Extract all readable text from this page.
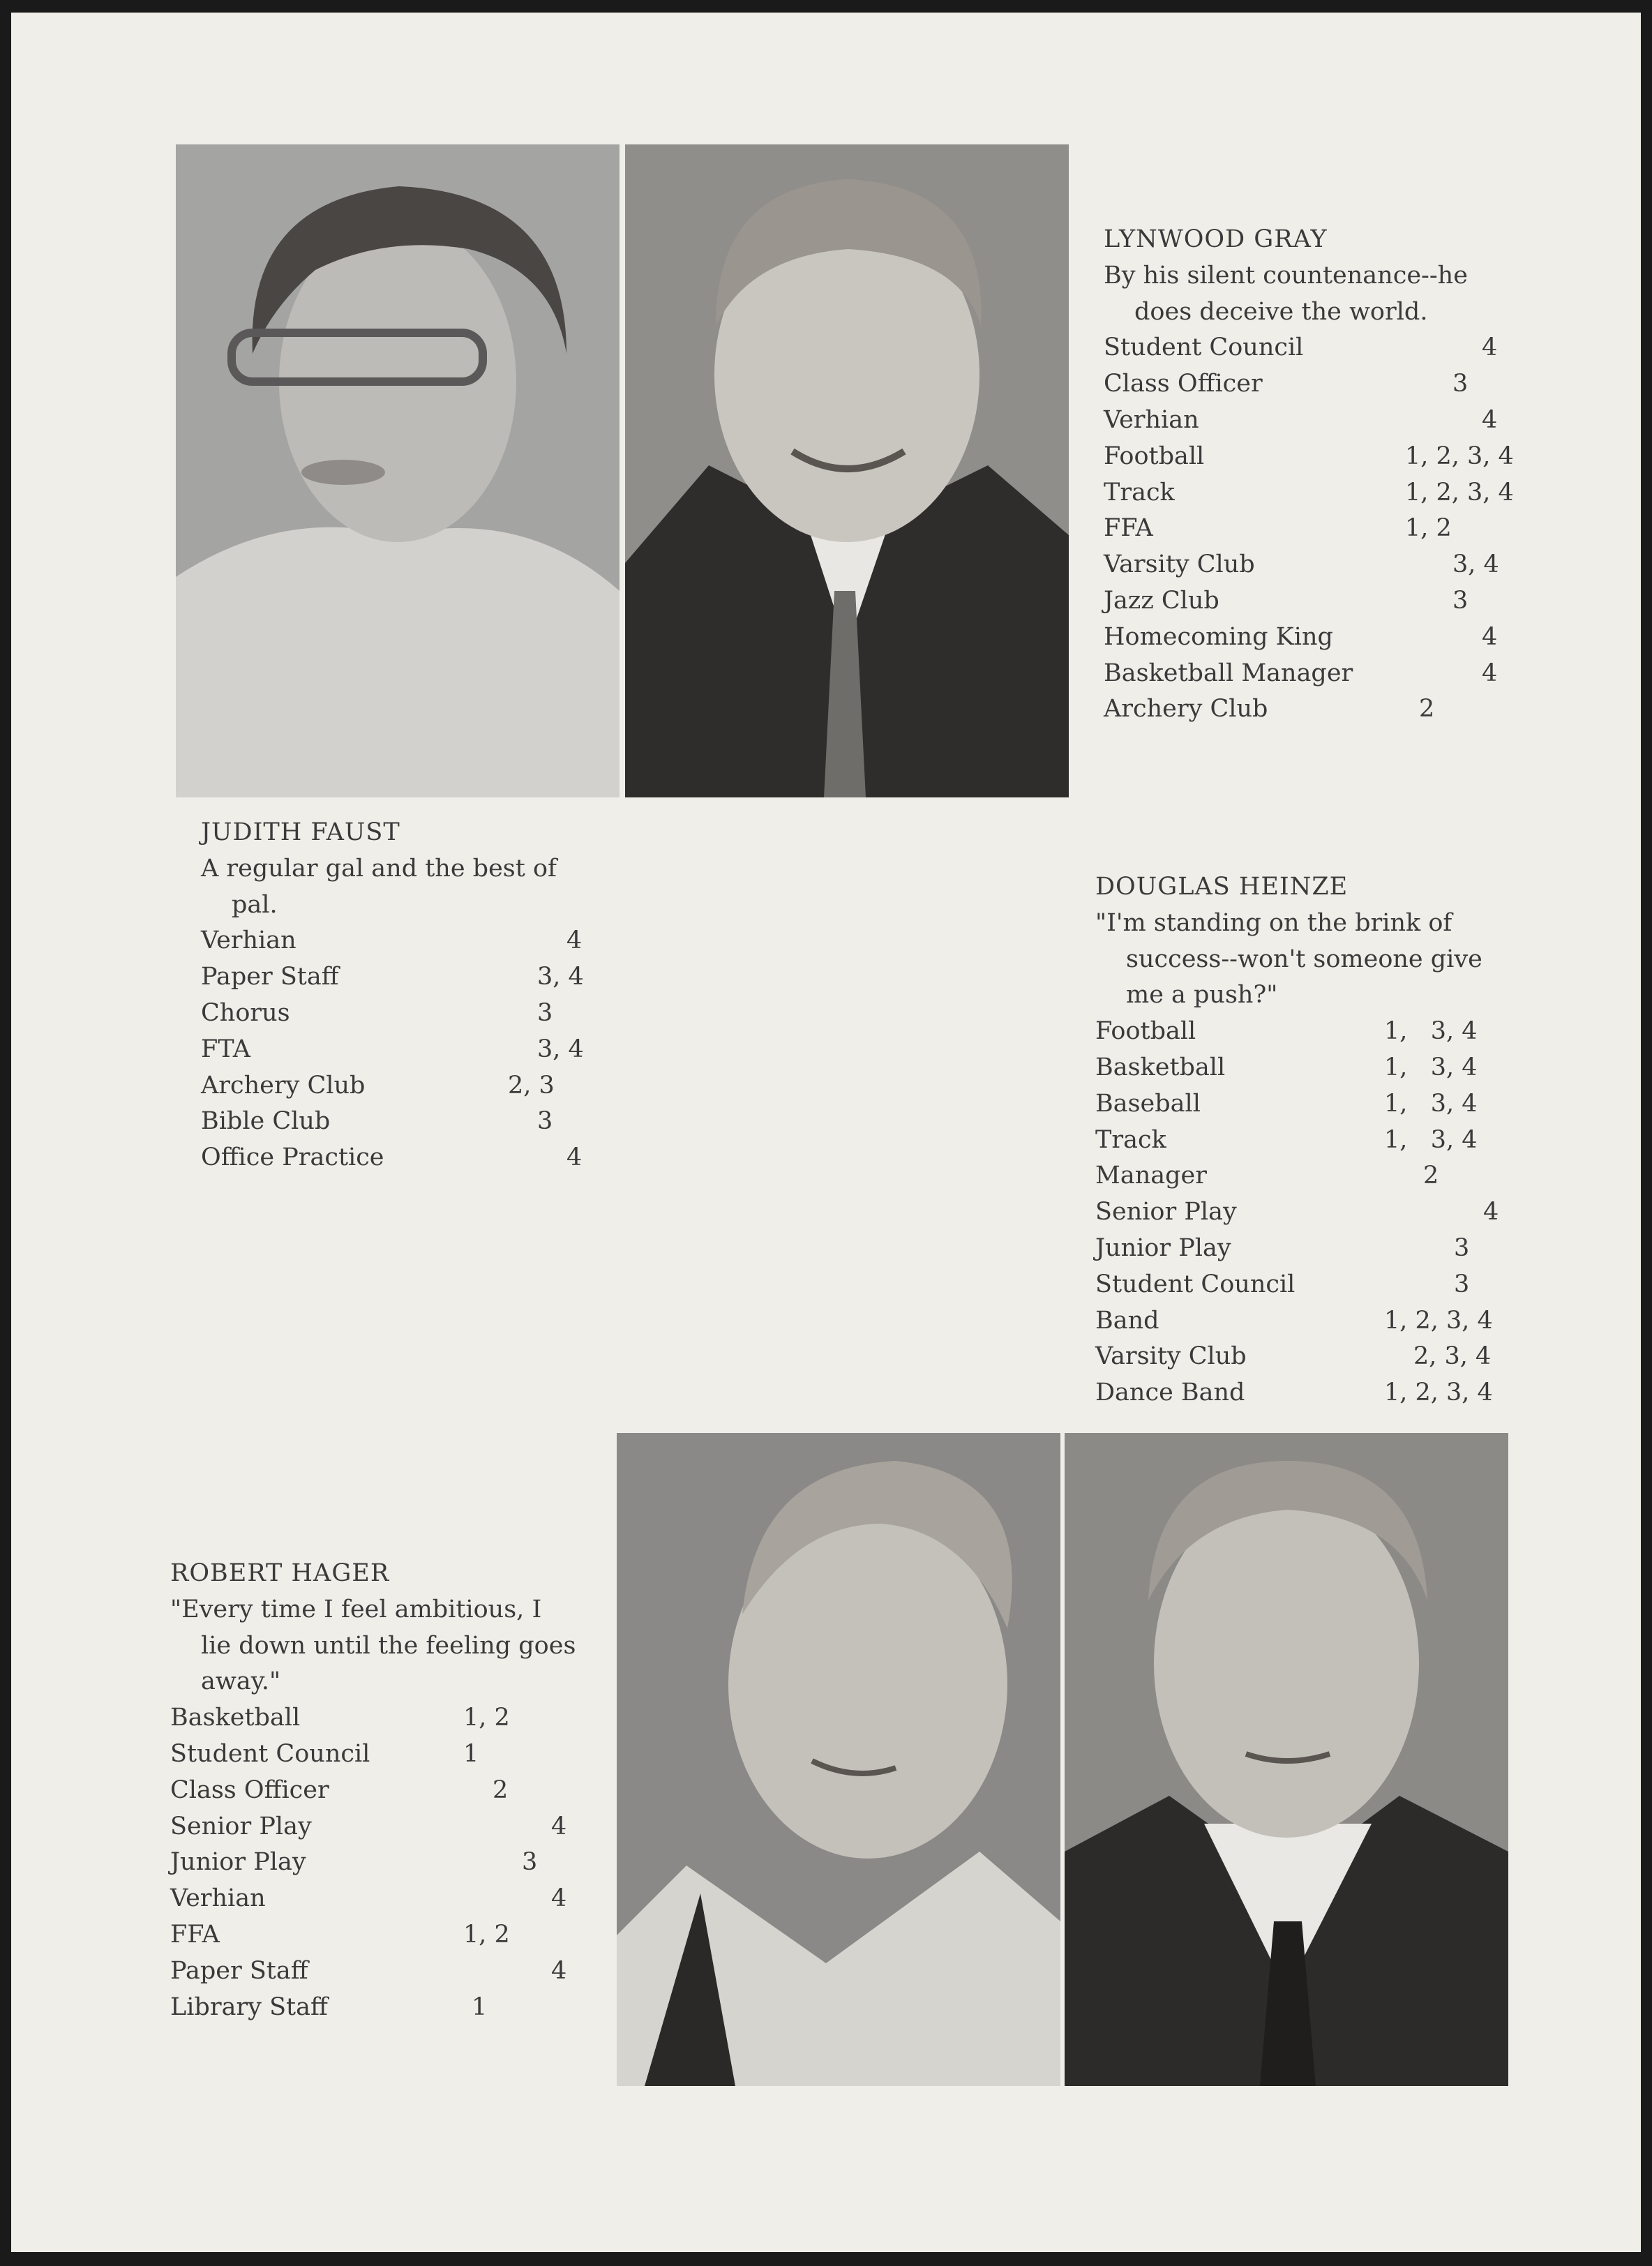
LYNWOOD GRAY
By his silent countenance--he
does deceive the world.
Student Council	4
Class Officer	3
Verhian	4
Football	1, 2, 3, 4
Track	1, 2, 3, 4
FFA	1, 2
Varsity Club	3, 4
Jazz Club	3
Homecoming King	4
Basketball Manager	4
Archery Club	2
JUDITH FAUST
A regular gal and the best of
pal.
Verhian	4
Paper Staff	3, 4
Chorus	3
FTA	3, 4
Archery Club	2, 3
Bible Club	3
Office Practice	4
DOUGLAS HEINZE
"I'm standing on the brink of
success--won't someone give
me a push?"
Football	1,   3, 4
Basketball	1,   3, 4
Baseball	1,   3, 4
Track	1,   3, 4
Manager	2
Senior Play	4
Junior Play	3
Student Council	3
Band	1, 2, 3, 4
Varsity Club	2, 3, 4
Dance Band	1, 2, 3, 4
ROBERT HAGER
"Every time I feel ambitious, I
lie down until the feeling goes
away."
Basketball	1, 2
Student Council	1
Class Officer	2
Senior Play	4
Junior Play	3
Verhian	4
FFA	1, 2
Paper Staff	4
Library Staff	1
